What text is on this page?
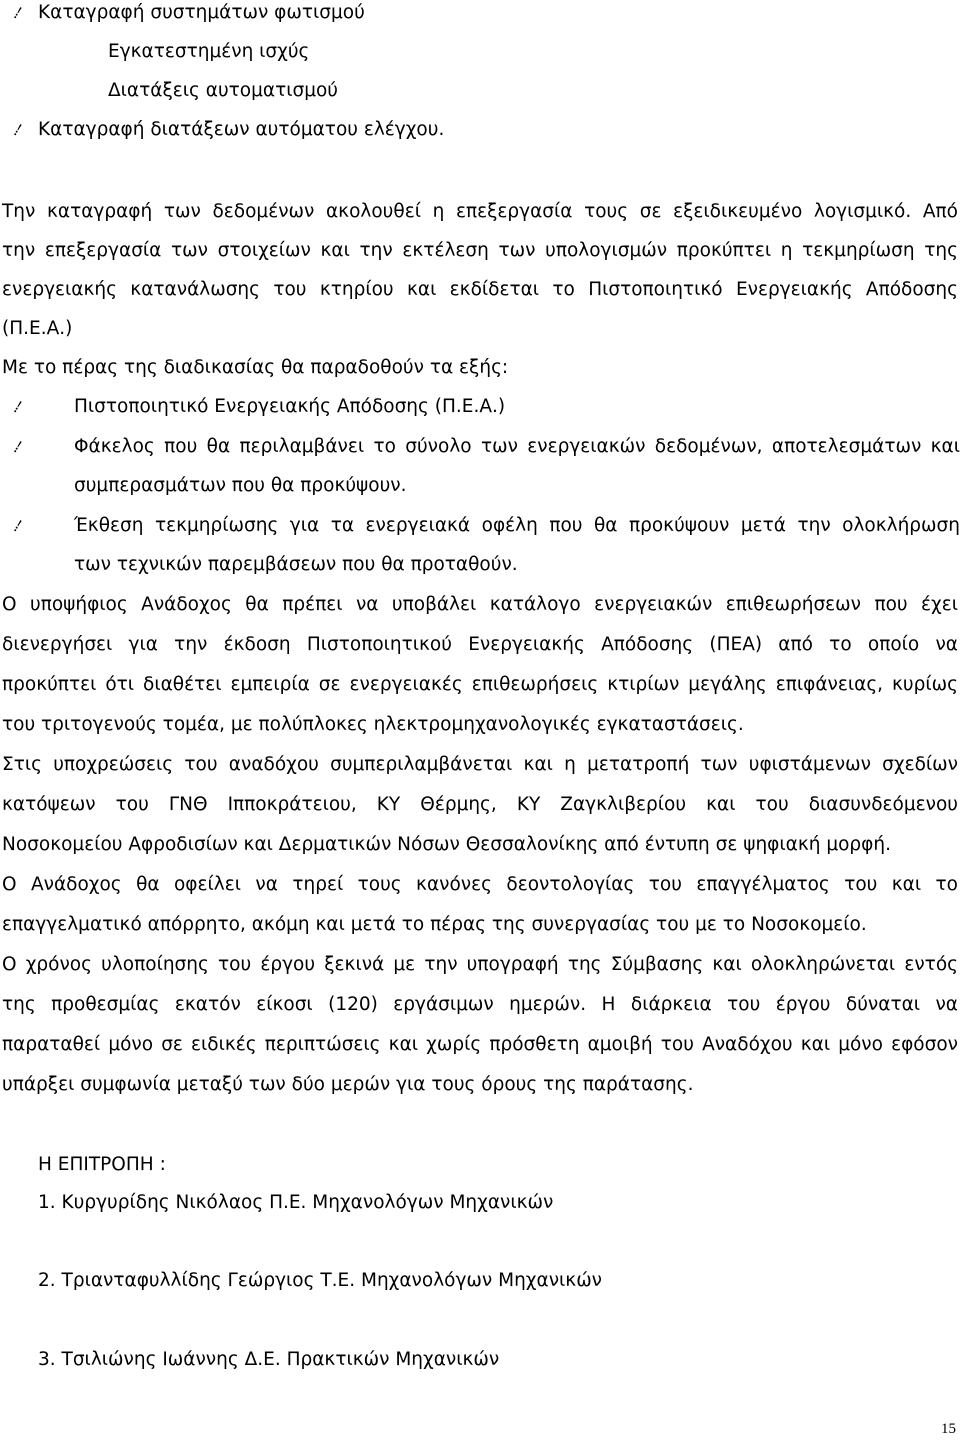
⹓ Καταγραφή συστημάτων φωτισμού
Εγκατεστημένη ισχύς
Διατάξεις αυτοματισμού
⹓ Καταγραφή διατάξεων αυτόματου ελέγχου.
Την καταγραφή των δεδομένων ακολουθεί η επεξεργασία τους σε εξειδικευμένο λογισμικό. Από
την επεξεργασία των στοιχείων και την εκτέλεση των υπολογισμών προκύπτει η τεκμηρίωση της
ενεργειακής κατανάλωσης του κτηρίου και εκδίδεται το Πιστοποιητικό Ενεργειακής Απόδοσης
(Π.Ε.Α.)
Με το πέρας της διαδικασίας θα παραδοθούν τα εξής:
⹓	Πιστοποιητικό Ενεργειακής Απόδοσης (Π.Ε.Α.)
⹓	Φάκελος που θα περιλαμβάνει το σύνολο των ενεργειακών δεδομένων, αποτελεσμάτων και
συμπερασμάτων που θα προκύψουν.
⹓	Έκθεση τεκμηρίωσης για τα ενεργειακά οφέλη που θα προκύψουν μετά την ολοκλήρωση
των τεχνικών παρεμβάσεων που θα προταθούν.
Ο υποψήφιος Ανάδοχος θα πρέπει να υποβάλει κατάλογο ενεργειακών επιθεωρήσεων που έχει
διενεργήσει για την έκδοση Πιστοποιητικού Ενεργειακής Απόδοσης (ΠΕΑ) από το οποίο να
προκύπτει ότι διαθέτει εμπειρία σε ενεργειακές επιθεωρήσεις κτιρίων μεγάλης επιφάνειας, κυρίως
του τριτογενούς τομέα, με πολύπλοκες ηλεκτρομηχανολογικές εγκαταστάσεις.
Στις υποχρεώσεις του αναδόχου συμπεριλαμβάνεται και η μετατροπή των υφιστάμενων σχεδίων
κατόψεων του ΓΝΘ Ιπποκράτειου, ΚΥ Θέρμης, ΚΥ Ζαγκλιβερίου και του διασυνδεόμενου
Νοσοκομείου Αφροδισίων και Δερματικών Νόσων Θεσσαλονίκης από έντυπη σε ψηφιακή μορφή.
Ο Ανάδοχος θα οφείλει να τηρεί τους κανόνες δεοντολογίας του επαγγέλματος του και το
επαγγελματικό απόρρητο, ακόμη και μετά το πέρας της συνεργασίας του με το Νοσοκομείο.
Ο χρόνος υλοποίησης του έργου ξεκινά με την υπογραφή της Σύμβασης και ολοκληρώνεται εντός
της προθεσμίας εκατόν είκοσι (120) εργάσιμων ημερών. Η διάρκεια του έργου δύναται να
παραταθεί μόνο σε ειδικές περιπτώσεις και χωρίς πρόσθετη αμοιβή του Αναδόχου και μόνο εφόσον
υπάρξει συμφωνία μεταξύ των δύο μερών για τους όρους της παράτασης.
Η ΕΠΙΤΡΟΠΗ :
1. Κυργυρίδης Νικόλαος Π.Ε. Μηχανολόγων Μηχανικών
2. Τριανταφυλλίδης Γεώργιος Τ.Ε. Μηχανολόγων Μηχανικών
3. Τσιλιώνης Ιωάννης Δ.Ε. Πρακτικών Μηχανικών
15
